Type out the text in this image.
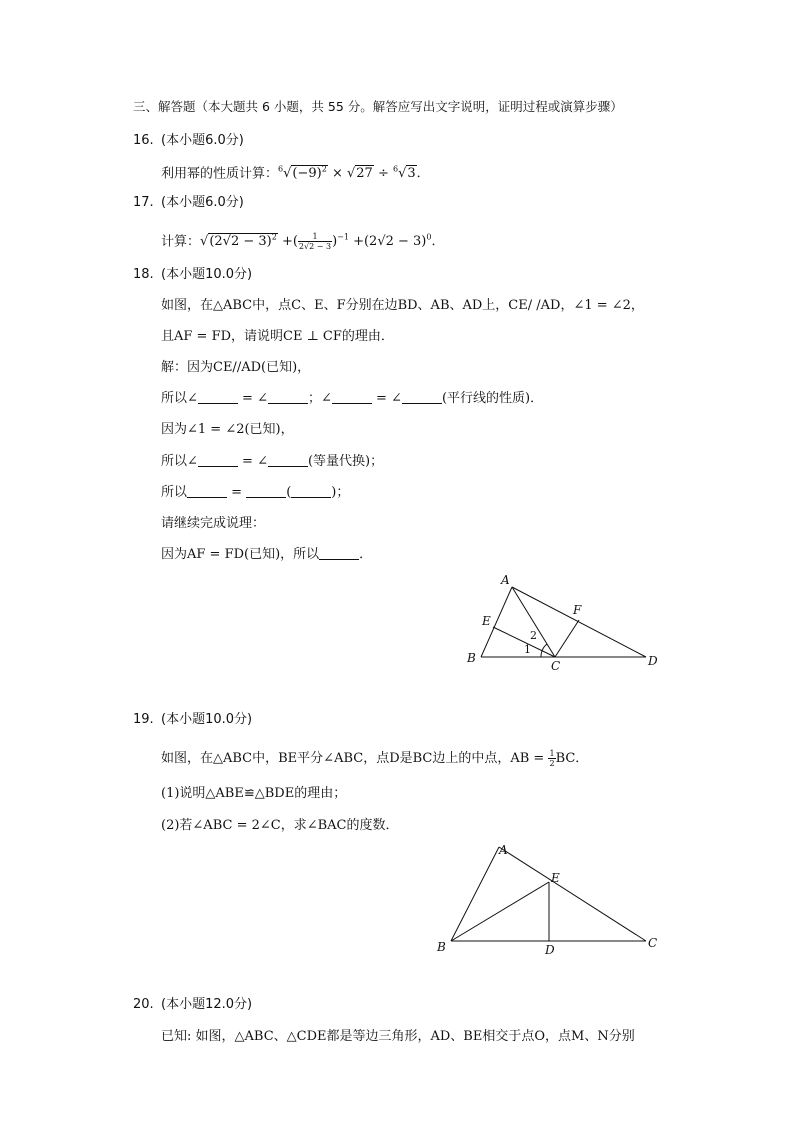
三、解答题（本大题共 6 小题，共 55 分。解答应写出文字说明，证明过程或演算步骤）
16. (本小题6.0分)
利用幂的性质计算：$^6√(-9)^2 \times √27 \div ^6√3$．
17. (本小题6.0分)
计算：$√(2√2 - 3)^2$ +( $\frac{1}{2√2 - 3} )^{-1} +(2√2 - 3)^0$．
18. (本小题10.0分)
如图，在△ABC中，点C、E、F分别在边BD、AB、AD上，CE/ /AD，∠1 = ∠2，
且AF = FD，请说明CE ⊥ CF的理由．
解：因为CE//AD(已知)，
所以∠	= ∠	；∠	= ∠	(平行线的性质)．
因为∠1 = ∠2(已知)，
所以∠	= ∠	(等量代换)；
所以	=	(	)；
请继续完成说理：
因为AF = FD(已知)，所以	．
A
B
C	D
E
F
1
2
19. (本小题10.0分)
如图，在△ABC中，BE平分∠ABC，点D是BC边上的中点，AB = $\frac{1}{2}$ BC．
(1)说明△ABE≌△BDE的理由；
(2)若∠ABC = 2∠C，求∠BAC的度数．
A
B	C
D
E
20. (本小题12.0分)
已知: 如图，△ABC、△CDE都是等边三角形，AD、BE相交于点O，点M、N分别
